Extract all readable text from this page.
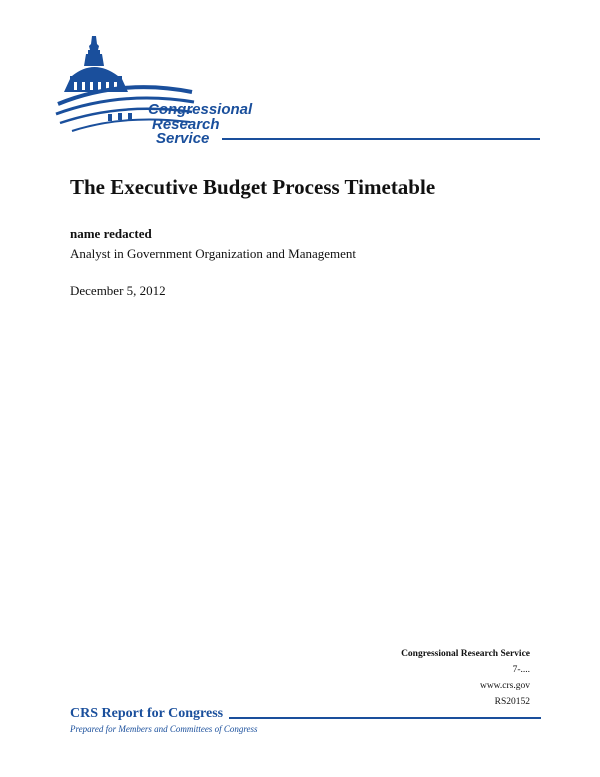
Congressional
Research
Service
The Executive Budget Process Timetable
name redacted
Analyst in Government Organization and Management
December 5, 2012
Congressional Research Service
7-....
www.crs.gov
RS20152
CRS Report for Congress
Prepared for Members and Committees of Congress
